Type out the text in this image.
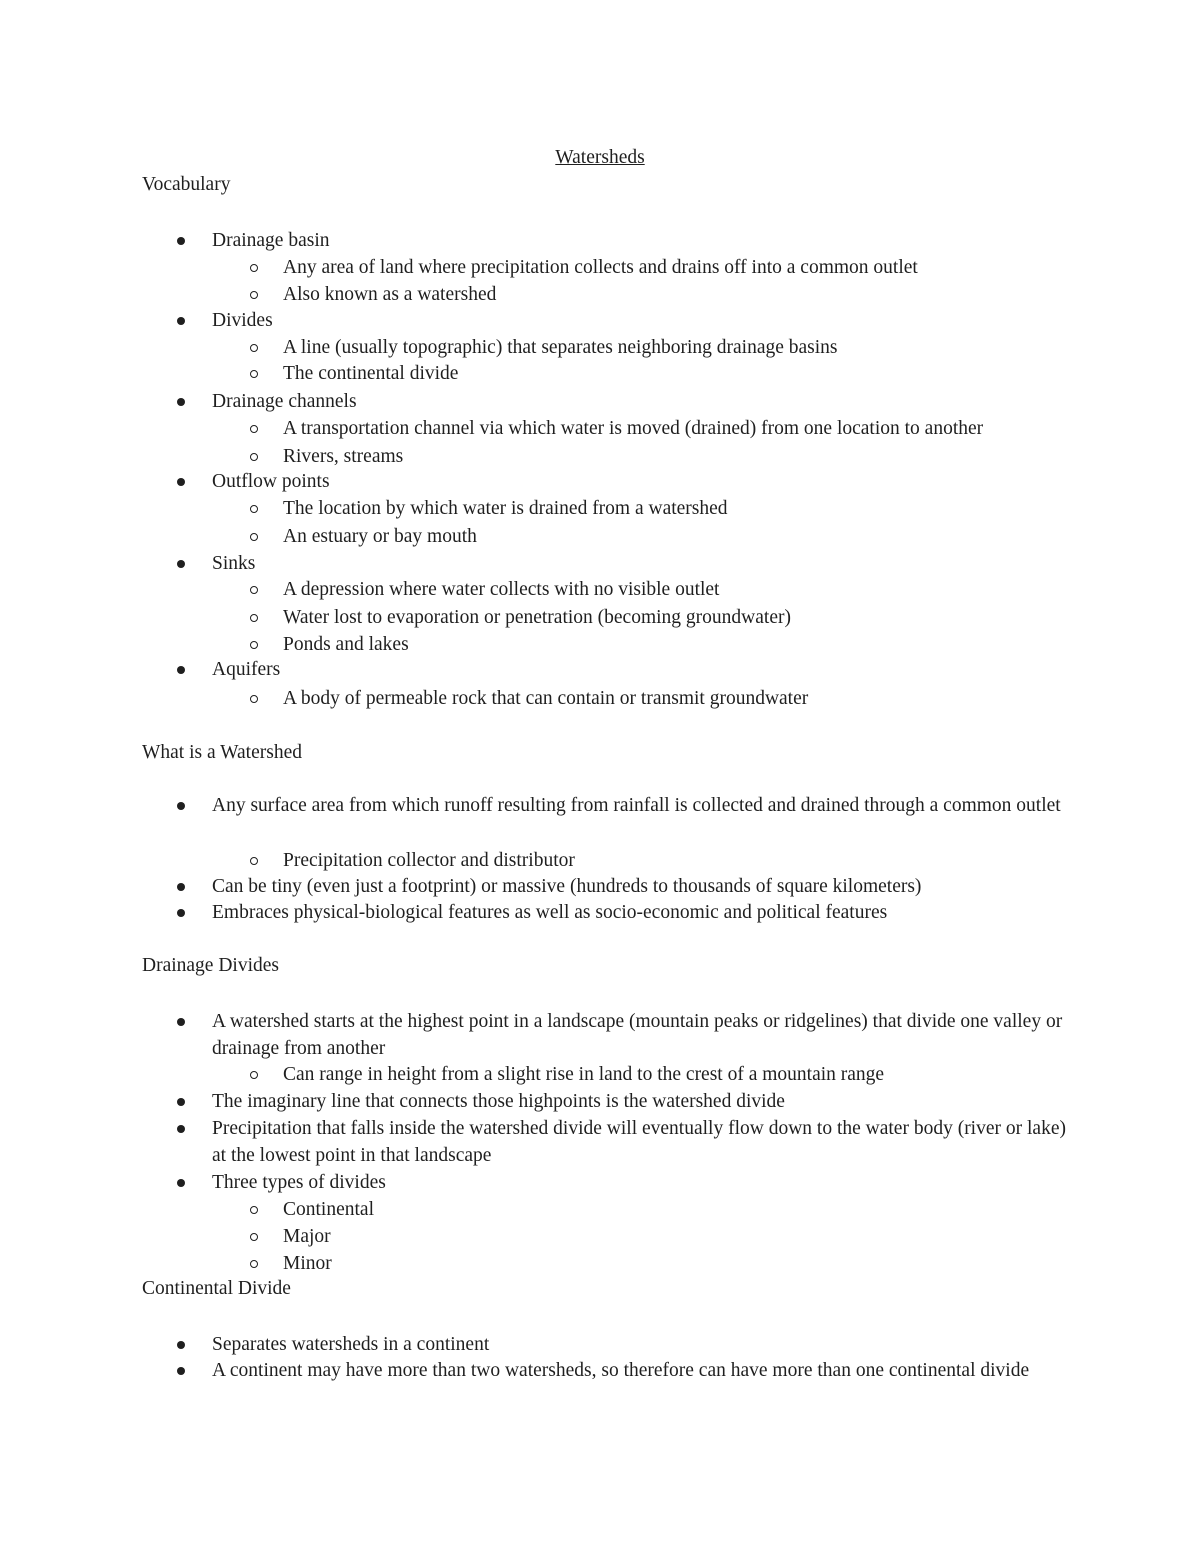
Watersheds
Vocabulary
Drainage basin
Any area of land where precipitation collects and drains off into a common outlet
Also known as a watershed
Divides
A line (usually topographic) that separates neighboring drainage basins
The continental divide
Drainage channels
A transportation channel via which water is moved (drained) from one location to another
Rivers, streams
Outflow points
The location by which water is drained from a watershed
An estuary or bay mouth
Sinks
A depression where water collects with no visible outlet
Water lost to evaporation or penetration (becoming groundwater)
Ponds and lakes
Aquifers
A body of permeable rock that can contain or transmit groundwater
What is a Watershed
Any surface area from which runoff resulting from rainfall is collected and drained through a common outlet
Precipitation collector and distributor
Can be tiny (even just a footprint) or massive (hundreds to thousands of square kilometers)
Embraces physical-biological features as well as socio-economic and political features
Drainage Divides
A watershed starts at the highest point in a landscape (mountain peaks or ridgelines) that divide one valley or drainage from another
Can range in height from a slight rise in land to the crest of a mountain range
The imaginary line that connects those highpoints is the watershed divide
Precipitation that falls inside the watershed divide will eventually flow down to the water body (river or lake) at the lowest point in that landscape
Three types of divides
Continental
Major
Minor
Continental Divide
Separates watersheds in a continent
A continent may have more than two watersheds, so therefore can have more than one continental divide
